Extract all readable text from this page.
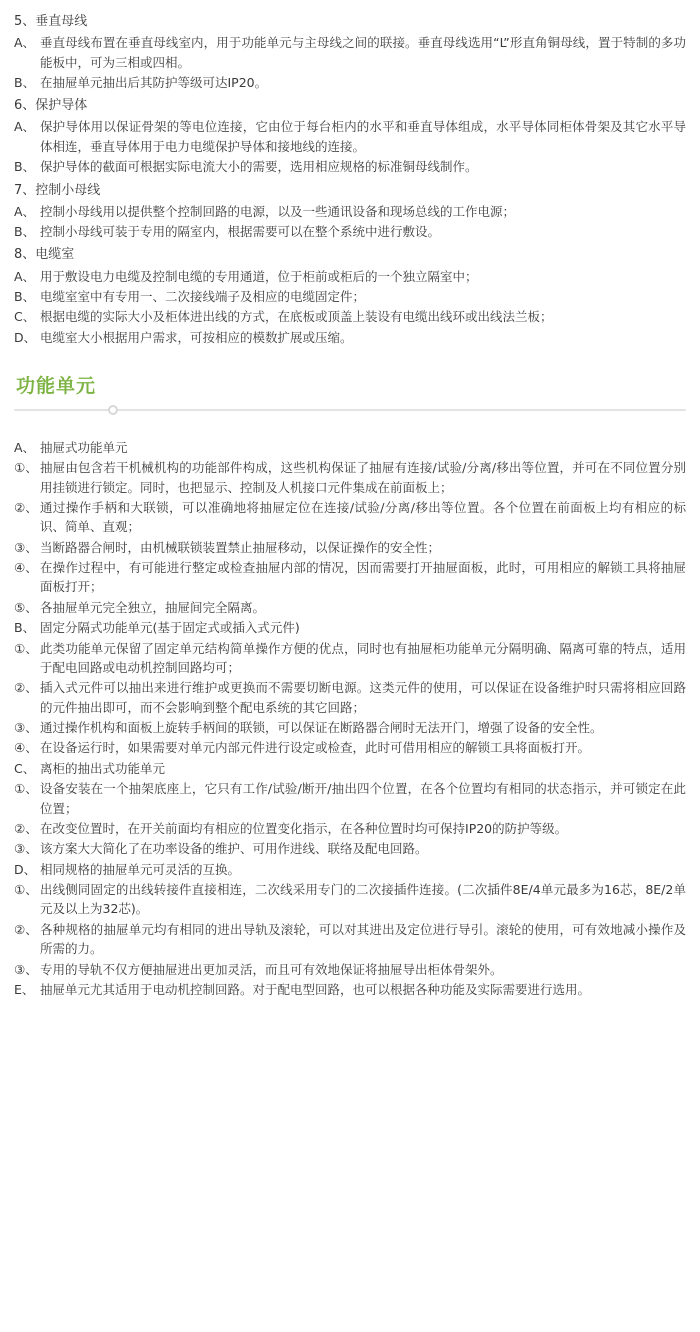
5、垂直母线
A、 垂直母线布置在垂直母线室内，用于功能单元与主母线之间的联接。垂直母线选用“L”形直角铜母线，置于特制的多功能板中，可为三相或四相。
B、 在抽屉单元抽出后其防护等级可达IP20。
6、保护导体
A、 保护导体用以保证骨架的等电位连接，它由位于每台柜内的水平和垂直导体组成，水平导体同柜体骨架及其它水平导体相连，垂直导体用于电力电缆保护导体和接地线的连接。
B、 保护导体的截面可根据实际电流大小的需要，选用相应规格的标准铜母线制作。
7、控制小母线
A、 控制小母线用以提供整个控制回路的电源，以及一些通讯设备和现场总线的工作电源；
B、 控制小母线可装于专用的隔室内，根据需要可以在整个系统中进行敷设。
8、电缆室
A、 用于敷设电力电缆及控制电缆的专用通道，位于柜前或柜后的一个独立隔室中；
B、 电缆室室中有专用一、二次接线端子及相应的电缆固定件；
C、 根据电缆的实际大小及柜体进出线的方式，在底板或顶盖上装设有电缆出线环或出线法兰板；
D、 电缆室大小根据用户需求，可按相应的模数扩展或压缩。
功能单元
A、 抽屉式功能单元
①、 抽屉由包含若干机械机构的功能部件构成，这些机构保证了抽屉有连接/试验/分离/移出等位置，并可在不同位置分别用挂锁进行锁定。同时，也把显示、控制及人机接口元件集成在前面板上；
②、 通过操作手柄和大联锁，可以准确地将抽屉定位在连接/试验/分离/移出等位置。各个位置在前面板上均有相应的标识、简单、直观；
③、 当断路器合闸时，由机械联锁装置禁止抽屉移动，以保证操作的安全性；
④、 在操作过程中，有可能进行整定或检查抽屉内部的情况，因而需要打开抽屉面板，此时，可用相应的解锁工具将抽屉面板打开；
⑤、 各抽屉单元完全独立，抽屉间完全隔离。
B、 固定分隔式功能单元(基于固定式或插入式元件)
①、 此类功能单元保留了固定单元结构简单操作方便的优点，同时也有抽屉柜功能单元分隔明确、隔离可靠的特点，适用于配电回路或电动机控制回路均可；
②、 插入式元件可以抽出来进行维护或更换而不需要切断电源。这类元件的使用，可以保证在设备维护时只需将相应回路的元件抽出即可，而不会影响到整个配电系统的其它回路；
③、 通过操作机构和面板上旋转手柄间的联锁，可以保证在断路器合闸时无法开门，增强了设备的安全性。
④、 在设备运行时，如果需要对单元内部元件进行设定或检查，此时可借用相应的解锁工具将面板打开。
C、 离柜的抽出式功能单元
①、 设备安装在一个抽架底座上，它只有工作/试验/断开/抽出四个位置，在各个位置均有相同的状态指示，并可锁定在此位置；
②、 在改变位置时，在开关前面均有相应的位置变化指示，在各种位置时均可保持IP20的防护等级。
③、 该方案大大简化了在功率设备的维护、可用作进线、联络及配电回路。
D、 相同规格的抽屉单元可灵活的互换。
①、 出线侧同固定的出线转接件直接相连，二次线采用专门的二次接插件连接。(二次插件8E/4单元最多为16芯，8E/2单元及以上为32芯)。
②、 各种规格的抽屉单元均有相同的进出导轨及滚轮，可以对其进出及定位进行导引。滚轮的使用，可有效地减小操作及所需的力。
③、 专用的导轨不仅方便抽屉进出更加灵活，而且可有效地保证将抽屉导出柜体骨架外。
E、 抽屉单元尤其适用于电动机控制回路。对于配电型回路，也可以根据各种功能及实际需要进行选用。
